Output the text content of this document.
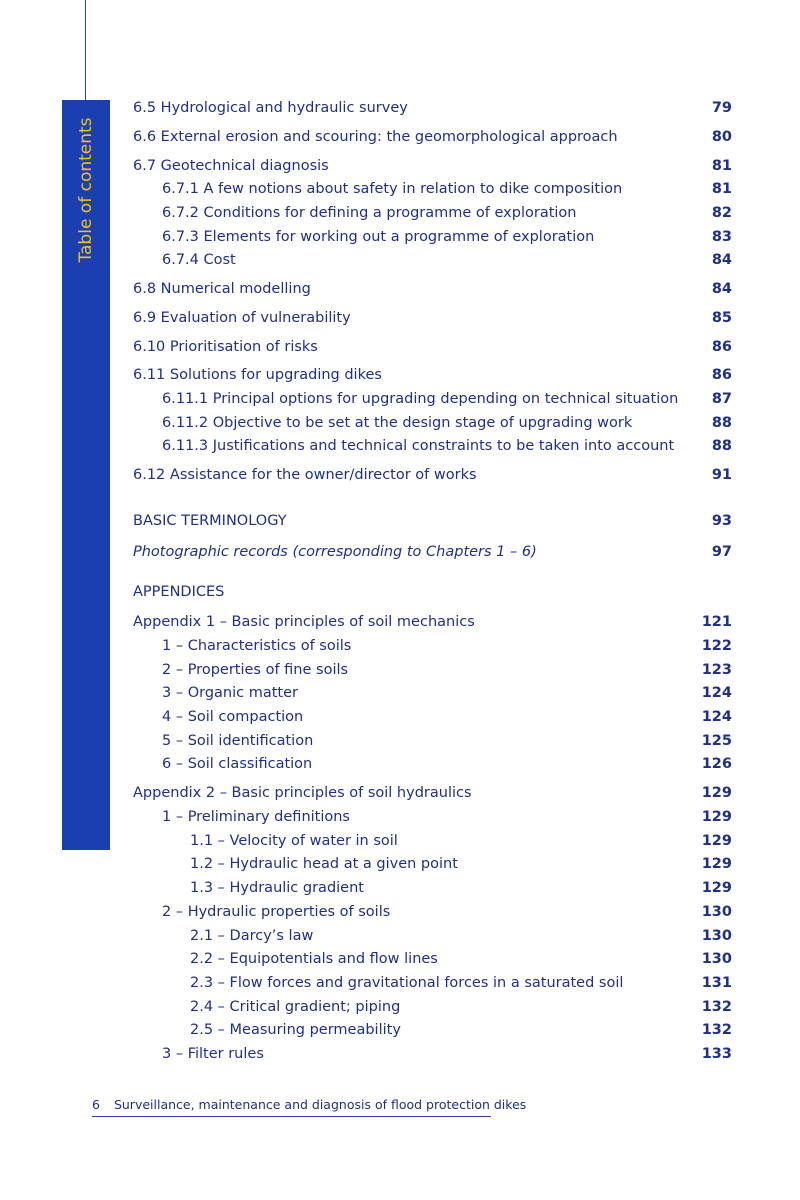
Table of contents
6.5 Hydrological and hydraulic survey	79
6.6 External erosion and scouring: the geomorphological approach	80
6.7 Geotechnical diagnosis	81
6.7.1 A few notions about safety in relation to dike composition	81
6.7.2 Conditions for defining a programme of exploration	82
6.7.3 Elements for working out a programme of exploration	83
6.7.4 Cost	84
6.8 Numerical modelling	84
6.9 Evaluation of vulnerability	85
6.10 Prioritisation of risks	86
6.11 Solutions for upgrading dikes	86
6.11.1 Principal options for upgrading depending on technical situation 87
6.11.2 Objective to be set at the design stage of upgrading work	88
6.11.3 Justifications and technical constraints to be taken into account	88
6.12 Assistance for the owner/director of works	91
BASIC TERMINOLOGY	93
Photographic records (corresponding to Chapters 1 – 6)	97
APPENDICES
Appendix 1 – Basic principles of soil mechanics	121
1 – Characteristics of soils	122
2 – Properties of fine soils	123
3 – Organic matter	124
4 – Soil compaction	124
5 – Soil identification	125
6 – Soil classification	126
Appendix 2 – Basic principles of soil hydraulics	129
1 – Preliminary definitions	129
1.1 – Velocity of water in soil	129
1.2 – Hydraulic head at a given point	129
1.3 – Hydraulic gradient	129
2 – Hydraulic properties of soils	130
2.1 – Darcy’s law	130
2.2 – Equipotentials and flow lines	130
2.3 – Flow forces and gravitational forces in a saturated soil	131
2.4 – Critical gradient; piping	132
2.5 – Measuring permeability	132
3 – Filter rules	133
6 Surveillance, maintenance and diagnosis of flood protection dikes
